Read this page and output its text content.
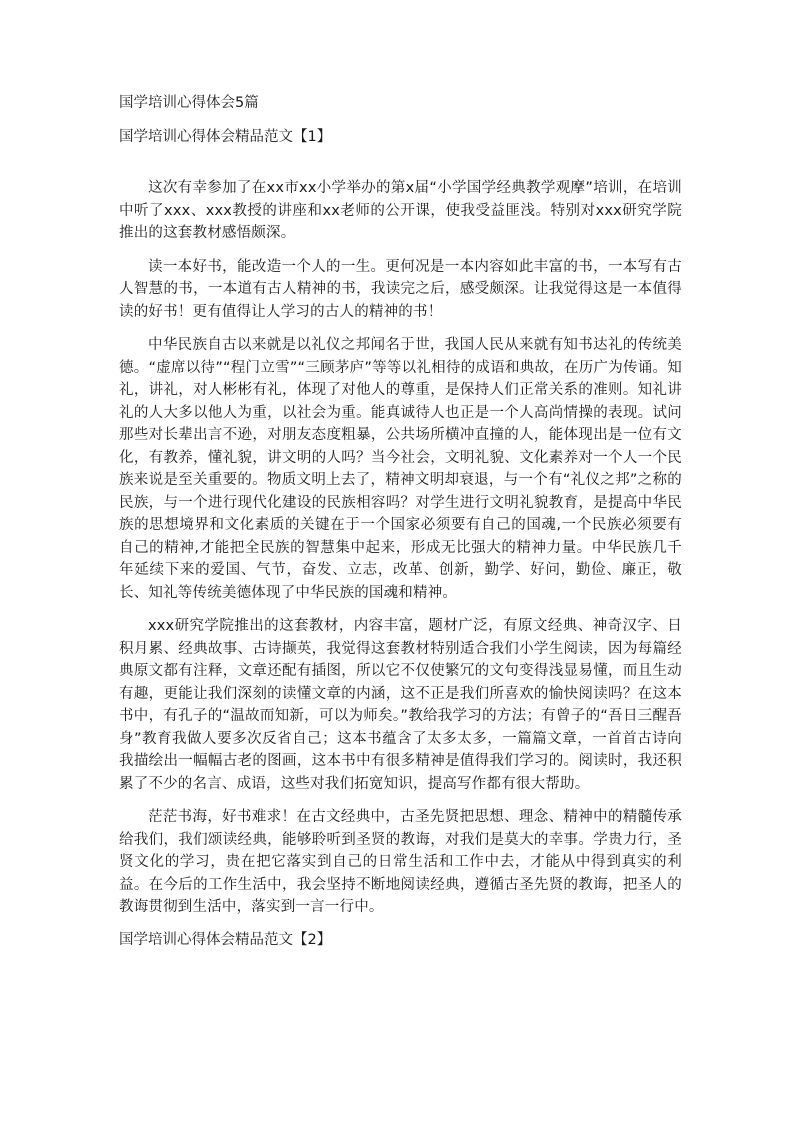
国学培训心得体会5篇
国学培训心得体会精品范文【1】

这次有幸参加了在xx市xx小学举办的第x届“小学国学经典教学观摩”培训，在培训中听了xxx、xxx教授的讲座和xx老师的公开课，使我受益匪浅。特别对xxx研究学院推出的这套教材感悟颇深。

读一本好书，能改造一个人的一生。更何况是一本内容如此丰富的书，一本写有古人智慧的书，一本道有古人精神的书，我读完之后，感受颇深。让我觉得这是一本值得读的好书！更有值得让人学习的古人的精神的书！

中华民族自古以来就是以礼仪之邦闻名于世，我国人民从来就有知书达礼的传统美德。“虚席以待”“程门立雪”“三顾茅庐”等等以礼相待的成语和典故，在历广为传诵。知礼，讲礼，对人彬彬有礼，体现了对他人的尊重，是保持人们正常关系的准则。知礼讲礼的人大多以他人为重，以社会为重。能真诚待人也正是一个人高尚情操的表现。试问那些对长辈出言不逊，对朋友态度粗暴，公共场所横冲直撞的人，能体现出是一位有文化，有教养，懂礼貌，讲文明的人吗？当今社会，文明礼貌、文化素养对一个人一个民族来说是至关重要的。物质文明上去了，精神文明却衰退，与一个有“礼仪之邦”之称的民族，与一个进行现代化建设的民族相容吗？对学生进行文明礼貌教育，是提高中华民族的思想境界和文化素质的关键在于一个国家必须要有自己的国魂,一个民族必须要有自己的精神,才能把全民族的智慧集中起来，形成无比强大的精神力量。中华民族几千年延续下来的爱国、气节，奋发、立志，改革、创新，勤学、好问，勤俭、廉正，敬长、知礼等传统美德体现了中华民族的国魂和精神。

xxx研究学院推出的这套教材，内容丰富，题材广泛，有原文经典、神奇汉字、日积月累、经典故事、古诗撷英，我觉得这套教材特别适合我们小学生阅读，因为每篇经典原文都有注释，文章还配有插图，所以它不仅使繁冗的文句变得浅显易懂，而且生动有趣，更能让我们深刻的读懂文章的内涵，这不正是我们所喜欢的愉快阅读吗？在这本书中，有孔子的“温故而知新，可以为师矣。”教给我学习的方法；有曾子的“吾日三醒吾身”教育我做人要多次反省自己；这本书蕴含了太多太多，一篇篇文章，一首首古诗向我描绘出一幅幅古老的图画，这本书中有很多精神是值得我们学习的。阅读时，我还积累了不少的名言、成语，这些对我们拓宽知识，提高写作都有很大帮助。

茫茫书海，好书难求！在古文经典中，古圣先贤把思想、理念、精神中的精髓传承给我们，我们颂读经典，能够聆听到圣贤的教诲，对我们是莫大的幸事。学贵力行，圣贤文化的学习，贵在把它落实到自己的日常生活和工作中去，才能从中得到真实的利益。在今后的工作生活中，我会坚持不断地阅读经典，遵循古圣先贤的教诲，把圣人的教诲贯彻到生活中，落实到一言一行中。

国学培训心得体会精品范文【2】
